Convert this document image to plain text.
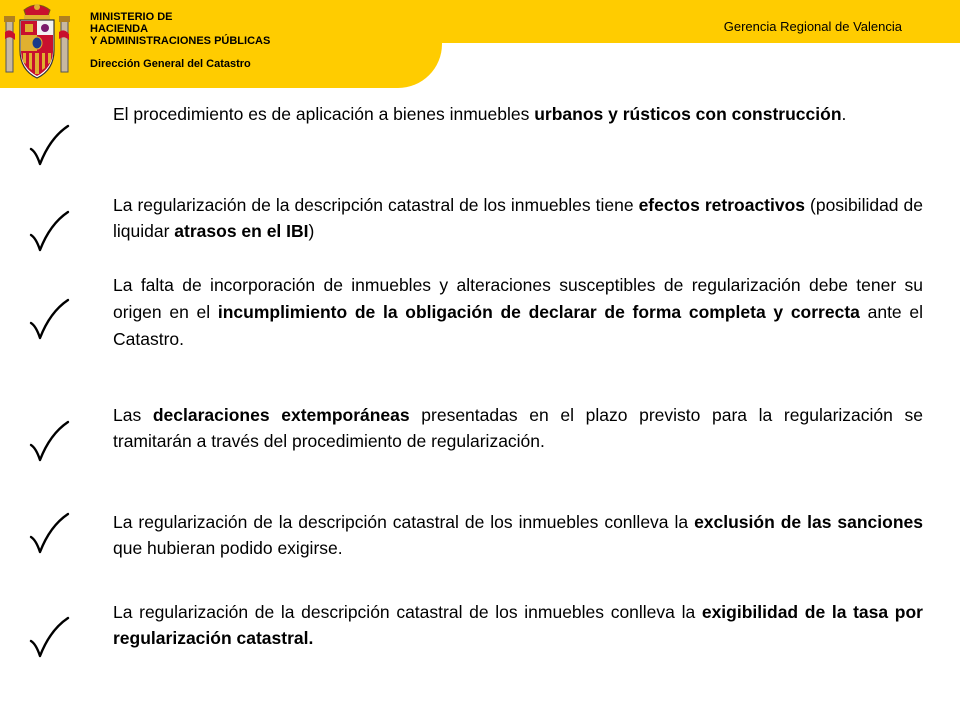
MINISTERIO DE
HACIENDA
Y ADMINISTRACIONES PÚBLICAS
Dirección General del Catastro
Gerencia Regional de Valencia
El procedimiento es de aplicación a bienes inmuebles urbanos y rústicos con construcción.
La regularización de la descripción catastral de los inmuebles tiene efectos retroactivos (posibilidad de liquidar atrasos en el IBI)
La falta de incorporación de inmuebles y alteraciones susceptibles de regularización debe tener su origen en el incumplimiento de la obligación de declarar de forma completa y correcta ante el Catastro.
Las declaraciones extemporáneas presentadas en el plazo previsto para la regularización se tramitarán a través del procedimiento de regularización.
La regularización de la descripción catastral de los inmuebles conlleva la exclusión de las sanciones que hubieran podido exigirse.
La regularización de la descripción catastral de los inmuebles conlleva la exigibilidad de la tasa por regularización catastral.
